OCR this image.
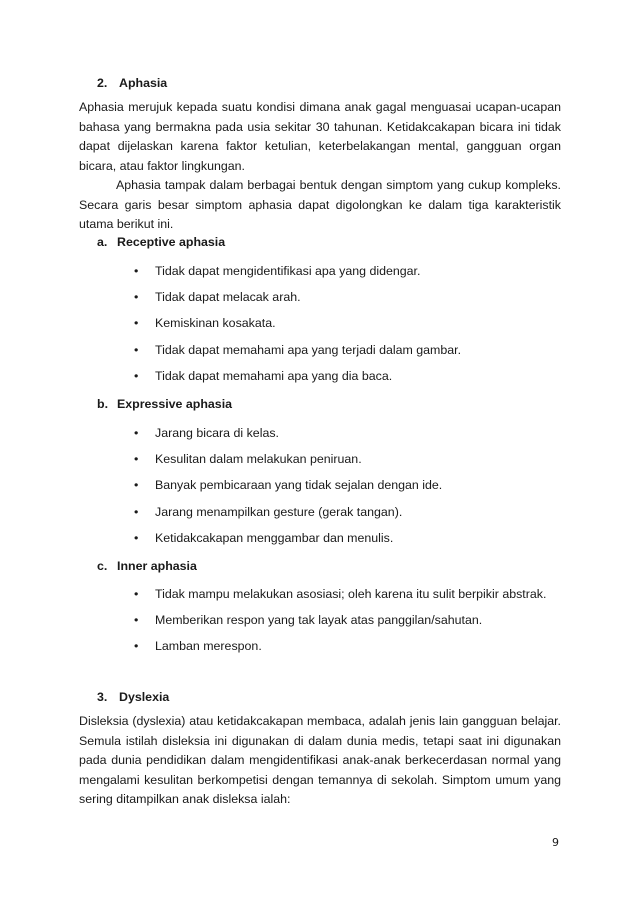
2. Aphasia

Aphasia merujuk kepada suatu kondisi dimana anak gagal menguasai ucapan-ucapan bahasa yang bermakna pada usia sekitar 30 tahunan. Ketidakcakapan bicara ini tidak dapat dijelaskan karena faktor ketulian, keterbelakangan mental, gangguan organ bicara, atau faktor lingkungan.

Aphasia tampak dalam berbagai bentuk dengan simptom yang cukup kompleks. Secara garis besar simptom aphasia dapat digolongkan ke dalam tiga karakteristik utama berikut ini.

a. Receptive aphasia
• Tidak dapat mengidentifikasi apa yang didengar.
• Tidak dapat melacak arah.
• Kemiskinan kosakata.
• Tidak dapat memahami apa yang terjadi dalam gambar.
• Tidak dapat memahami apa yang dia baca.
b. Expressive aphasia
• Jarang bicara di kelas.
• Kesulitan dalam melakukan peniruan.
• Banyak pembicaraan yang tidak sejalan dengan ide.
• Jarang menampilkan gesture (gerak tangan).
• Ketidakcakapan menggambar dan menulis.
c. Inner aphasia
• Tidak mampu melakukan asosiasi; oleh karena itu sulit berpikir abstrak.
• Memberikan respon yang tak layak atas panggilan/sahutan.
• Lamban merespon.
3. Dyslexia

Disleksia (dyslexia) atau ketidakcakapan membaca, adalah jenis lain gangguan belajar. Semula istilah disleksia ini digunakan di dalam dunia medis, tetapi saat ini digunakan pada dunia pendidikan dalam mengidentifikasi anak-anak berkecerdasan normal yang mengalami kesulitan berkompetisi dengan temannya di sekolah. Simptom umum yang sering ditampilkan anak disleksa ialah:

9
